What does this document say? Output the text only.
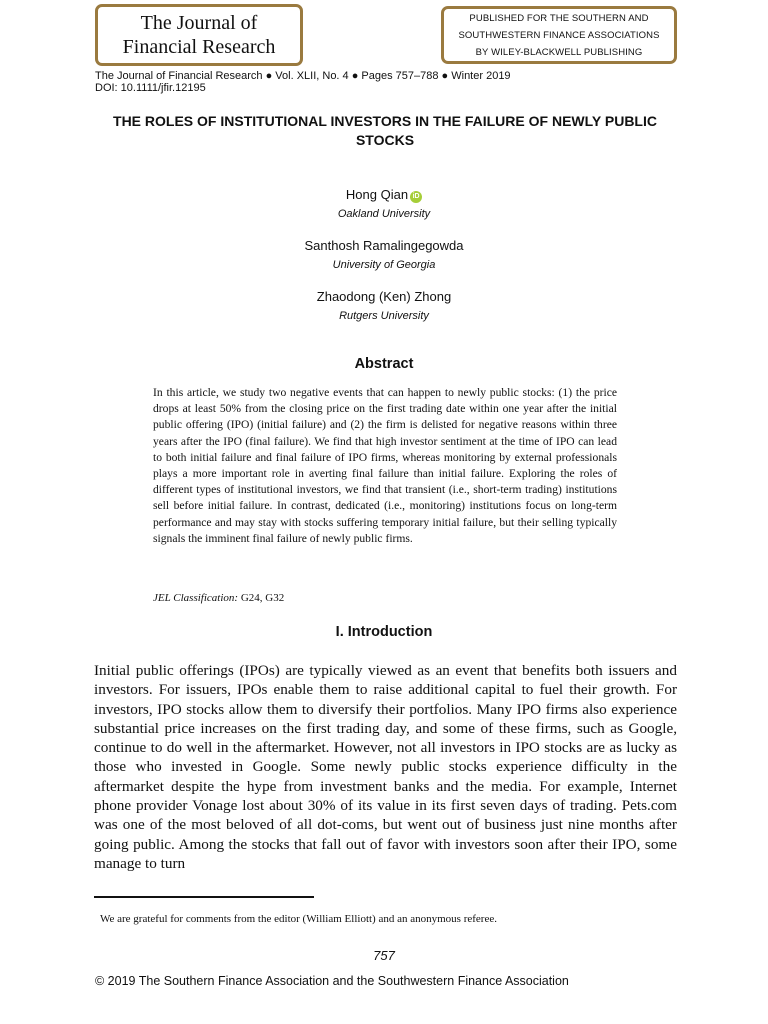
The Journal of
Financial Research
PUBLISHED FOR THE SOUTHERN AND
SOUTHWESTERN FINANCE ASSOCIATIONS
BY WILEY-BLACKWELL PUBLISHING
The Journal of Financial Research ● Vol. XLII, No. 4 ● Pages 757–788 ● Winter 2019
DOI: 10.1111/jfir.12195
THE ROLES OF INSTITUTIONAL INVESTORS IN THE FAILURE OF NEWLY PUBLIC STOCKS
Hong Qian iD
Oakland University
Santhosh Ramalingegowda
University of Georgia
Zhaodong (Ken) Zhong
Rutgers University
Abstract

In this article, we study two negative events that can happen to newly public stocks: (1) the price drops at least 50% from the closing price on the first trading date within one year after the initial public offering (IPO) (initial failure) and (2) the firm is delisted for negative reasons within three years after the IPO (final failure). We find that high investor sentiment at the time of IPO can lead to both initial failure and final failure of IPO firms, whereas monitoring by external professionals plays a more important role in averting final failure than initial failure. Exploring the roles of different types of institutional investors, we find that transient (i.e., short-term trading) institutions sell before initial failure. In contrast, dedicated (i.e., monitoring) institutions focus on long-term performance and may stay with stocks suffering temporary initial failure, but their selling typically signals the imminent final failure of newly public firms.

JEL Classification: G24, G32
I. Introduction

Initial public offerings (IPOs) are typically viewed as an event that benefits both issuers and investors. For issuers, IPOs enable them to raise additional capital to fuel their growth. For investors, IPO stocks allow them to diversify their portfolios. Many IPO firms also experience substantial price increases on the first trading day, and some of these firms, such as Google, continue to do well in the aftermarket. However, not all investors in IPO stocks are as lucky as those who invested in Google. Some newly public stocks experience difficulty in the aftermarket despite the hype from investment banks and the media. For example, Internet phone provider Vonage lost about 30% of its value in its first seven days of trading. Pets.com was one of the most beloved of all dot-coms, but went out of business just nine months after going public. Among the stocks that fall out of favor with investors soon after their IPO, some manage to turn

We are grateful for comments from the editor (William Elliott) and an anonymous referee.
757
© 2019 The Southern Finance Association and the Southwestern Finance Association
